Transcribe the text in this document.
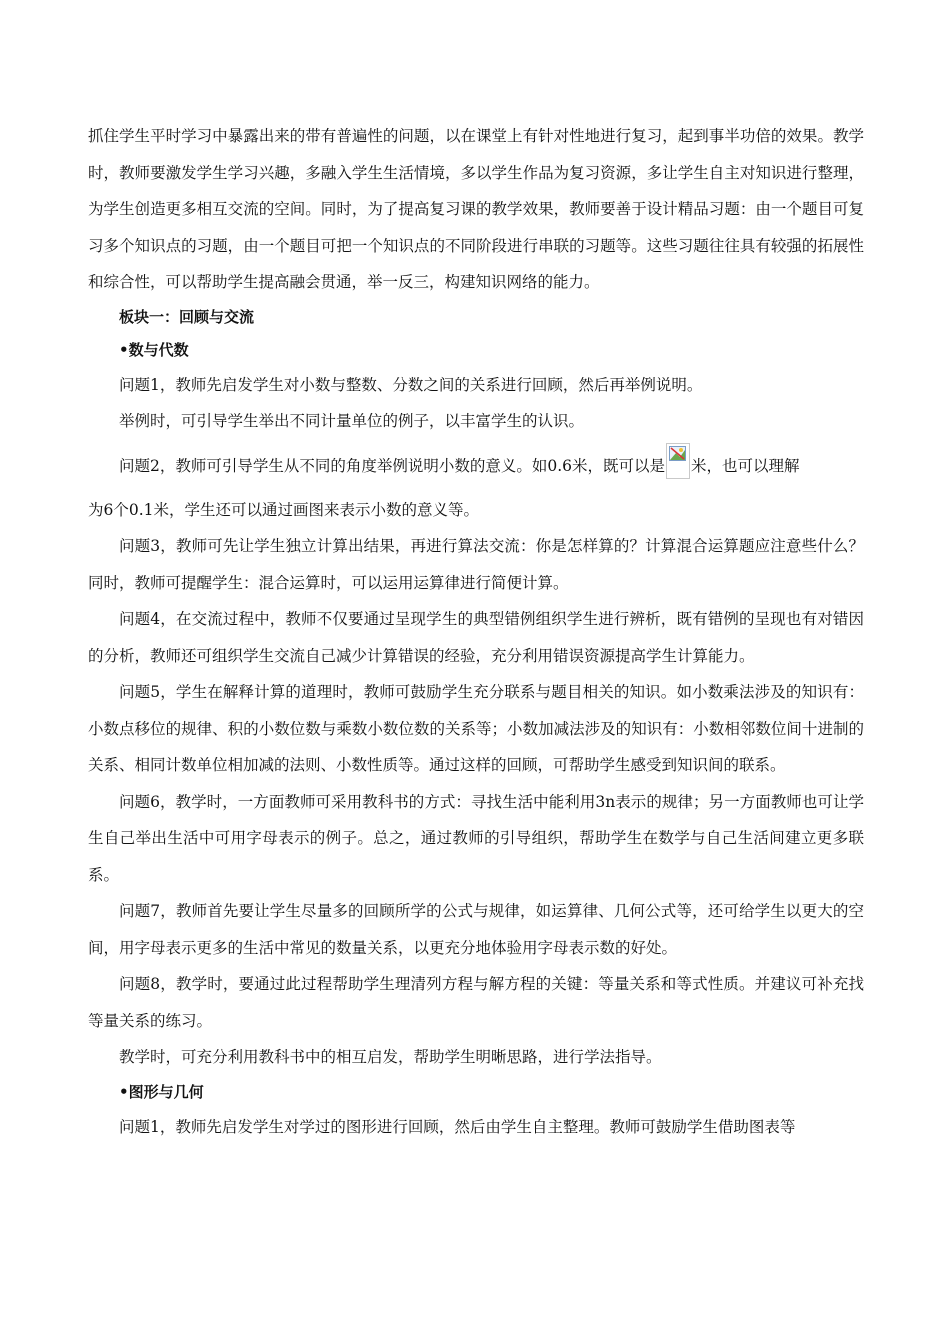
抓住学生平时学习中暴露出来的带有普遍性的问题，以在课堂上有针对性地进行复习，起到事半功倍的效果。教学时，教师要激发学生学习兴趣，多融入学生生活情境，多以学生作品为复习资源，多让学生自主对知识进行整理，为学生创造更多相互交流的空间。同时，为了提高复习课的教学效果，教师要善于设计精品习题：由一个题目可复习多个知识点的习题，由一个题目可把一个知识点的不同阶段进行串联的习题等。这些习题往往具有较强的拓展性和综合性，可以帮助学生提高融会贯通，举一反三，构建知识网络的能力。

板块一：回顾与交流

•数与代数

问题1，教师先启发学生对小数与整数、分数之间的关系进行回顾，然后再举例说明。

举例时，可引导学生举出不同计量单位的例子，以丰富学生的认识。

问题2，教师可引导学生从不同的角度举例说明小数的意义。如0.6米，既可以是 米，也可以理解

为6个0.1米，学生还可以通过画图来表示小数的意义等。

问题3，教师可先让学生独立计算出结果，再进行算法交流：你是怎样算的？计算混合运算题应注意些什么？同时，教师可提醒学生：混合运算时，可以运用运算律进行简便计算。

问题4，在交流过程中，教师不仅要通过呈现学生的典型错例组织学生进行辨析，既有错例的呈现也有对错因的分析，教师还可组织学生交流自己减少计算错误的经验，充分利用错误资源提高学生计算能力。

问题5，学生在解释计算的道理时，教师可鼓励学生充分联系与题目相关的知识。如小数乘法涉及的知识有：小数点移位的规律、积的小数位数与乘数小数位数的关系等；小数加减法涉及的知识有：小数相邻数位间十进制的关系、相同计数单位相加减的法则、小数性质等。通过这样的回顾，可帮助学生感受到知识间的联系。

问题6，教学时，一方面教师可采用教科书的方式：寻找生活中能利用3n表示的规律；另一方面教师也可让学生自己举出生活中可用字母表示的例子。总之，通过教师的引导组织，帮助学生在数学与自己生活间建立更多联系。

问题7，教师首先要让学生尽量多的回顾所学的公式与规律，如运算律、几何公式等，还可给学生以更大的空间，用字母表示更多的生活中常见的数量关系，以更充分地体验用字母表示数的好处。

问题8，教学时，要通过此过程帮助学生理清列方程与解方程的关键：等量关系和等式性质。并建议可补充找等量关系的练习。

教学时，可充分利用教科书中的相互启发，帮助学生明晰思路，进行学法指导。

•图形与几何

问题1，教师先启发学生对学过的图形进行回顾，然后由学生自主整理。教师可鼓励学生借助图表等
